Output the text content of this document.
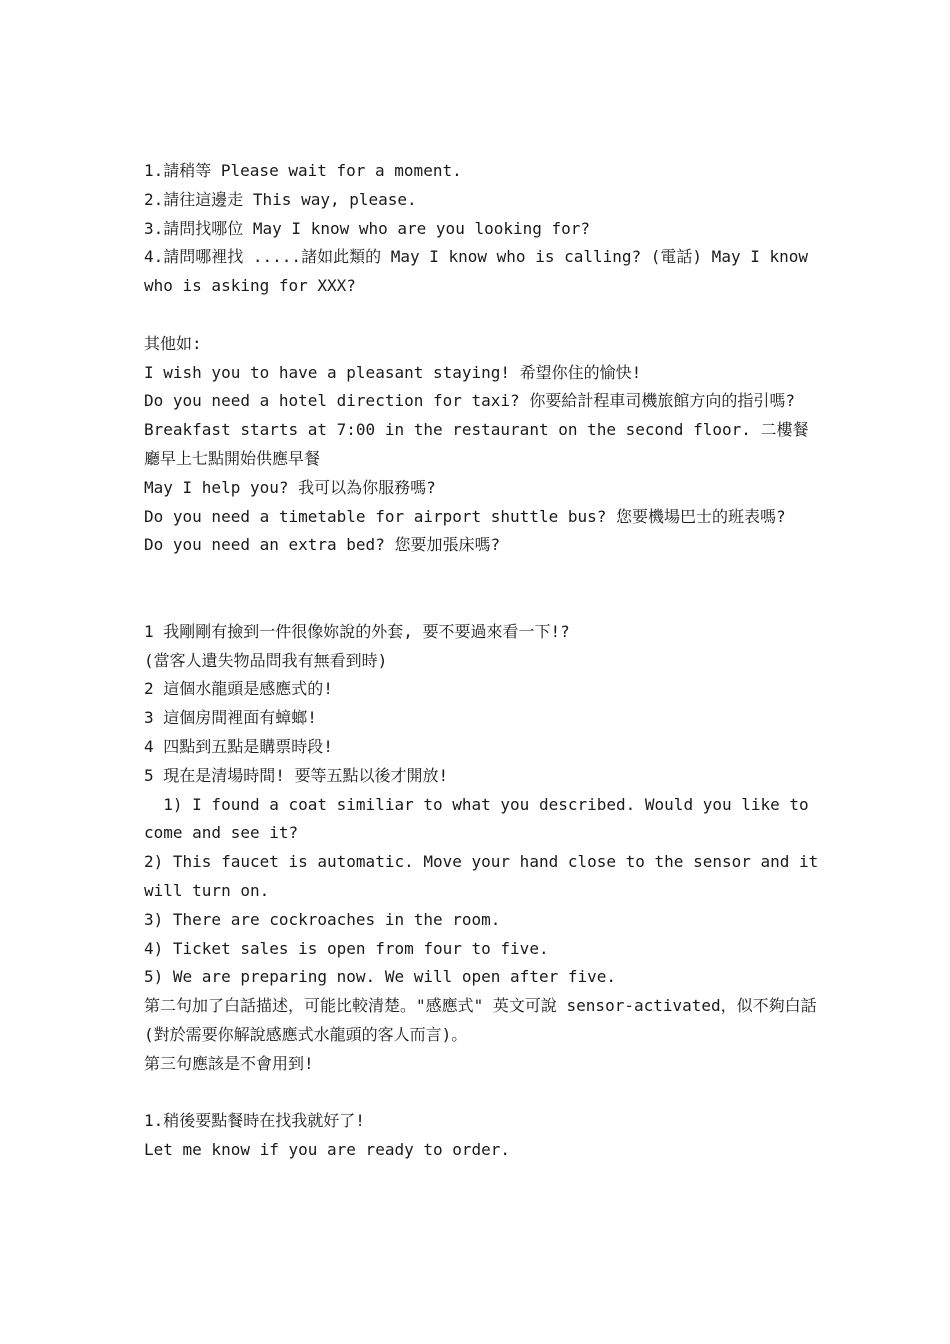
1.請稍等 Please wait for a moment.
2.請往這邊走 This way, please.
3.請問找哪位 May I know who are you looking for?
4.請問哪裡找 .....諸如此類的 May I know who is calling? (電話) May I know who is asking for XXX?
其他如:
I wish you to have a pleasant staying! 希望你住的愉快!
Do you need a hotel direction for taxi? 你要給計程車司機旅館方向的指引嗎?
Breakfast starts at 7:00 in the restaurant on the second floor. 二樓餐廳早上七點開始供應早餐
May I help you? 我可以為你服務嗎?
Do you need a timetable for airport shuttle bus? 您要機場巴士的班表嗎?
Do you need an extra bed? 您要加張床嗎?
1 我剛剛有撿到一件很像妳說的外套, 要不要過來看一下!?
(當客人遺失物品問我有無看到時)
2 這個水龍頭是感應式的!
3 這個房間裡面有蟑螂!
4 四點到五點是購票時段!
5 現在是清場時間! 要等五點以後才開放!
1) I found a coat similiar to what you described. Would you like to come and see it?
2) This faucet is automatic. Move your hand close to the sensor and it will turn on.
3) There are cockroaches in the room.
4) Ticket sales is open from four to five.
5) We are preparing now. We will open after five.
第二句加了白話描述，可能比較清楚。"感應式" 英文可說 sensor-activated，似不夠白話 (對於需要你解說感應式水龍頭的客人而言)。
第三句應該是不會用到!
1.稍後要點餐時在找我就好了!
Let me know if you are ready to order.
